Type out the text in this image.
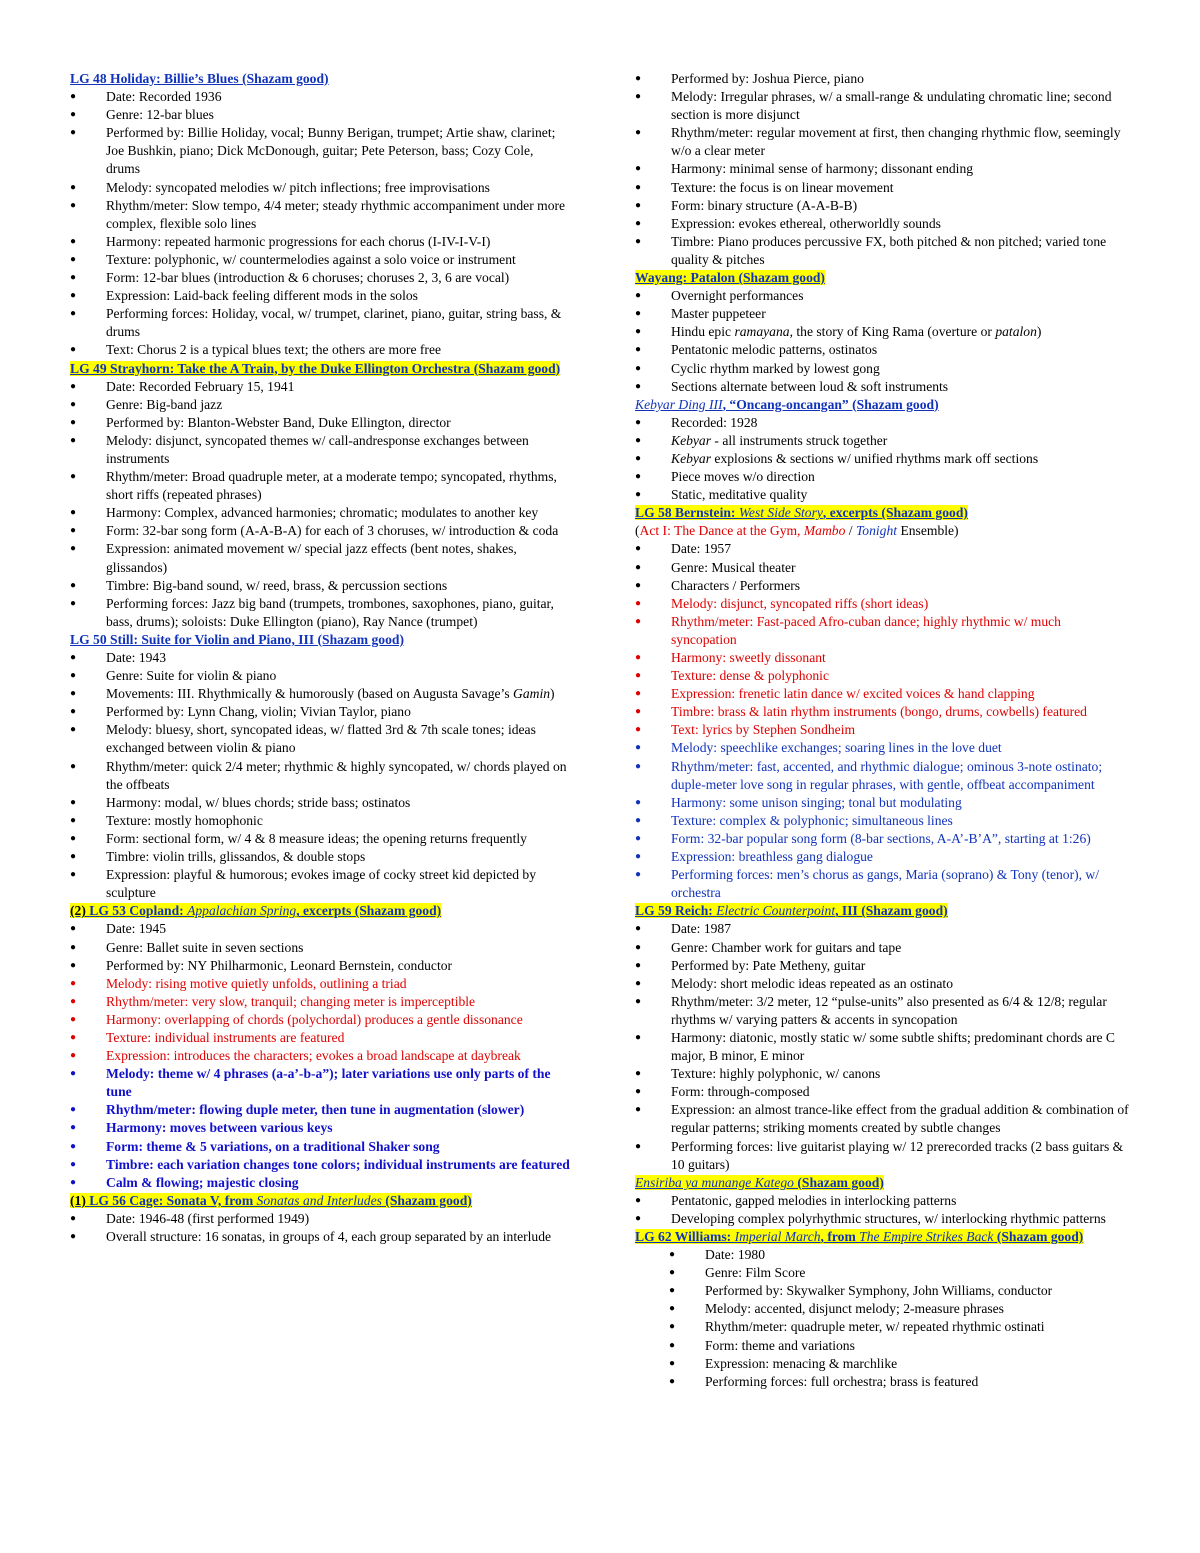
LG 48 Holiday: Billie’s Blues (Shazam good)
● Date: Recorded 1936
● Genre: 12-bar blues
● Performed by: Billie Holiday, vocal; Bunny Berigan, trumpet; Artie shaw, clarinet; Joe Bushkin, piano; Dick McDonough, guitar; Pete Peterson, bass; Cozy Cole, drums
● Melody: syncopated melodies w/ pitch inflections; free improvisations
● Rhythm/meter: Slow tempo, 4/4 meter; steady rhythmic accompaniment under more complex, flexible solo lines
● Harmony: repeated harmonic progressions for each chorus (I-IV-I-V-I)
● Texture: polyphonic, w/ countermelodies against a solo voice or instrument
● Form: 12-bar blues (introduction & 6 choruses; choruses 2, 3, 6 are vocal)
● Expression: Laid-back feeling different mods in the solos
● Performing forces: Holiday, vocal, w/ trumpet, clarinet, piano, guitar, string bass, & drums
● Text: Chorus 2 is a typical blues text; the others are more free
LG 49 Strayhorn: Take the A Train, by the Duke Ellington Orchestra (Shazam good)
● Date: Recorded February 15, 1941
● Genre: Big-band jazz
● Performed by: Blanton-Webster Band, Duke Ellington, director
● Melody: disjunct, syncopated themes w/ call-andresponse exchanges between instruments
● Rhythm/meter: Broad quadruple meter, at a moderate tempo; syncopated, rhythms, short riffs (repeated phrases)
● Harmony: Complex, advanced harmonies; chromatic; modulates to another key
● Form: 32-bar song form (A-A-B-A) for each of 3 choruses, w/ introduction & coda
● Expression: animated movement w/ special jazz effects (bent notes, shakes, glissandos)
● Timbre: Big-band sound, w/ reed, brass, & percussion sections
● Performing forces: Jazz big band (trumpets, trombones, saxophones, piano, guitar, bass, drums); soloists: Duke Ellington (piano), Ray Nance (trumpet)
LG 50 Still: Suite for Violin and Piano, III (Shazam good)
● Date: 1943
● Genre: Suite for violin & piano
● Movements: III. Rhythmically & humorously (based on Augusta Savage’s Gamin)
● Performed by: Lynn Chang, violin; Vivian Taylor, piano
● Melody: bluesy, short, syncopated ideas, w/ flatted 3rd & 7th scale tones; ideas exchanged between violin & piano
● Rhythm/meter: quick 2/4 meter; rhythmic & highly syncopated, w/ chords played on the offbeats
● Harmony: modal, w/ blues chords; stride bass; ostinatos
● Texture: mostly homophonic
● Form: sectional form, w/ 4 & 8 measure ideas; the opening returns frequently
● Timbre: violin trills, glissandos, & double stops
● Expression: playful & humorous; evokes image of cocky street kid depicted by sculpture
(2) LG 53 Copland: Appalachian Spring, excerpts (Shazam good)
● Date: 1945
● Genre: Ballet suite in seven sections
● Performed by: NY Philharmonic, Leonard Bernstein, conductor
● Melody: rising motive quietly unfolds, outlining a triad
● Rhythm/meter: very slow, tranquil; changing meter is imperceptible
● Harmony: overlapping of chords (polychordal) produces a gentle dissonance
● Texture: individual instruments are featured
● Expression: introduces the characters; evokes a broad landscape at daybreak
● Melody: theme w/ 4 phrases (a-a’-b-a”); later variations use only parts of the tune
● Rhythm/meter: flowing duple meter, then tune in augmentation (slower)
● Harmony: moves between various keys
● Form: theme & 5 variations, on a traditional Shaker song
● Timbre: each variation changes tone colors; individual instruments are featured
● Calm & flowing; majestic closing
(1) LG 56 Cage: Sonata V, from Sonatas and Interludes (Shazam good)
● Date: 1946-48 (first performed 1949)
● Overall structure: 16 sonatas, in groups of 4, each group separated by an interlude
● Performed by: Joshua Pierce, piano
● Melody: Irregular phrases, w/ a small-range & undulating chromatic line; second section is more disjunct
● Rhythm/meter: regular movement at first, then changing rhythmic flow, seemingly w/o a clear meter
● Harmony: minimal sense of harmony; dissonant ending
● Texture: the focus is on linear movement
● Form: binary structure (A-A-B-B)
● Expression: evokes ethereal, otherworldly sounds
● Timbre: Piano produces percussive FX, both pitched & non pitched; varied tone quality & pitches
Wayang: Patalon (Shazam good)
● Overnight performances
● Master puppeteer
● Hindu epic ramayana, the story of King Rama (overture or patalon)
● Pentatonic melodic patterns, ostinatos
● Cyclic rhythm marked by lowest gong
● Sections alternate between loud & soft instruments
Kebyar Ding III, “Oncang-oncangan” (Shazam good)
● Recorded: 1928
● Kebyar - all instruments struck together
● Kebyar explosions & sections w/ unified rhythms mark off sections
● Piece moves w/o direction
● Static, meditative quality
LG 58 Bernstein: West Side Story, excerpts (Shazam good)
(Act I: The Dance at the Gym, Mambo / Tonight Ensemble)
● Date: 1957
● Genre: Musical theater
● Characters / Performers
● Melody: disjunct, syncopated riffs (short ideas)
● Rhythm/meter: Fast-paced Afro-cuban dance; highly rhythmic w/ much syncopation
● Harmony: sweetly dissonant
● Texture: dense & polyphonic
● Expression: frenetic latin dance w/ excited voices & hand clapping
● Timbre: brass & latin rhythm instruments (bongo, drums, cowbells) featured
● Text: lyrics by Stephen Sondheim
● Melody: speechlike exchanges; soaring lines in the love duet
● Rhythm/meter: fast, accented, and rhythmic dialogue; ominous 3-note ostinato; duple-meter love song in regular phrases, with gentle, offbeat accompaniment
● Harmony: some unison singing; tonal but modulating
● Texture: complex & polyphonic; simultaneous lines
● Form: 32-bar popular song form (8-bar sections, A-A’-B’A”, starting at 1:26)
● Expression: breathless gang dialogue
● Performing forces: men’s chorus as gangs, Maria (soprano) & Tony (tenor), w/ orchestra
LG 59 Reich: Electric Counterpoint, III (Shazam good)
● Date: 1987
● Genre: Chamber work for guitars and tape
● Performed by: Pate Metheny, guitar
● Melody: short melodic ideas repeated as an ostinato
● Rhythm/meter: 3/2 meter, 12 “pulse-units” also presented as 6/4 & 12/8; regular rhythms w/ varying patters & accents in syncopation
● Harmony: diatonic, mostly static w/ some subtle shifts; predominant chords are C major, B minor, E minor
● Texture: highly polyphonic, w/ canons
● Form: through-composed
● Expression: an almost trance-like effect from the gradual addition & combination of regular patterns; striking moments created by subtle changes
● Performing forces: live guitarist playing w/ 12 prerecorded tracks (2 bass guitars & 10 guitars)
Ensiriba ya munange Katego (Shazam good)
● Pentatonic, gapped melodies in interlocking patterns
● Developing complex polyrhythmic structures, w/ interlocking rhythmic patterns
LG 62 Williams: Imperial March, from The Empire Strikes Back (Shazam good)
● Date: 1980
● Genre: Film Score
● Performed by: Skywalker Symphony, John Williams, conductor
● Melody: accented, disjunct melody; 2-measure phrases
● Rhythm/meter: quadruple meter, w/ repeated rhythmic ostinati
● Form: theme and variations
● Expression: menacing & marchlike
● Performing forces: full orchestra; brass is featured
